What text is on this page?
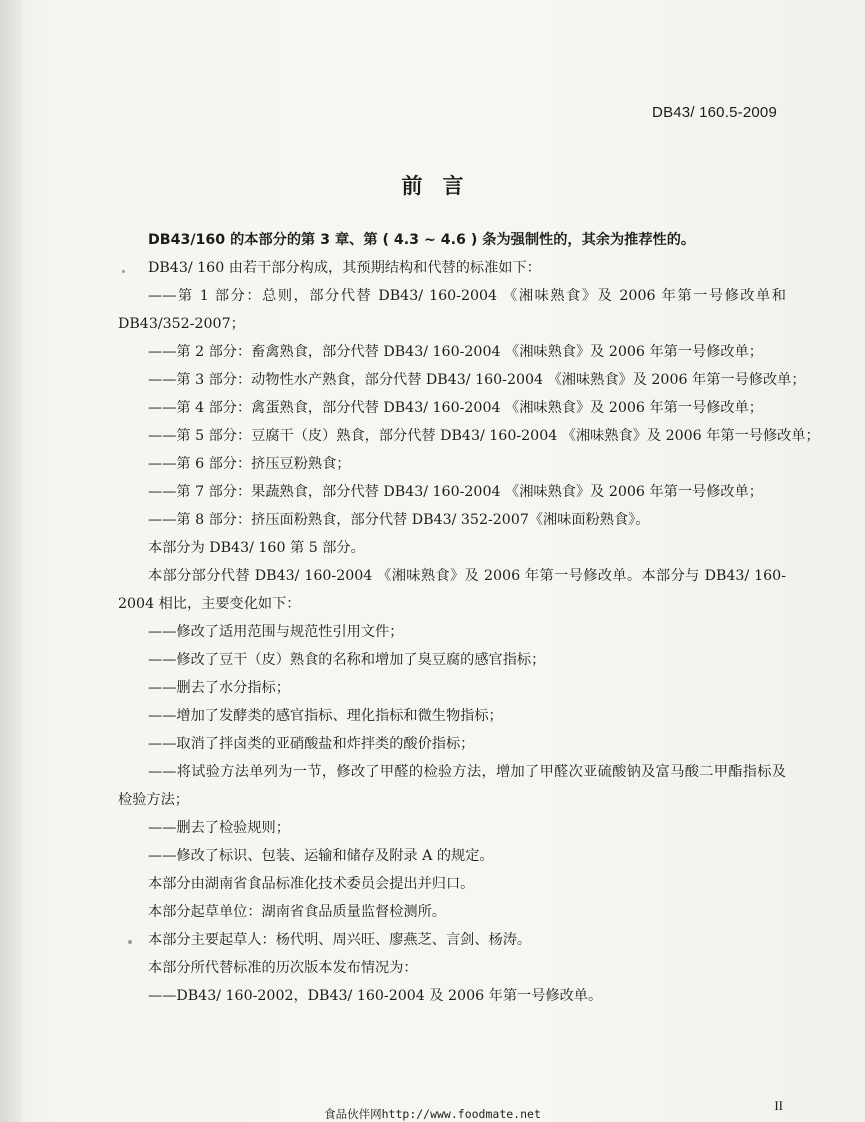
DB43/ 160.5-2009
前言
DB43/160 的本部分的第 3 章、第 ( 4.3 ~ 4.6 ) 条为强制性的，其余为推荐性的。
DB43/ 160 由若干部分构成，其预期结构和代替的标准如下：
——第 1 部分：总则，部分代替 DB43/ 160-2004 《湘味熟食》及 2006 年第一号修改单和 DB43/352-2007；
——第 2 部分：畜禽熟食，部分代替 DB43/ 160-2004 《湘味熟食》及 2006 年第一号修改单；
——第 3 部分：动物性水产熟食，部分代替 DB43/ 160-2004 《湘味熟食》及 2006 年第一号修改单；
——第 4 部分：禽蛋熟食，部分代替 DB43/ 160-2004 《湘味熟食》及 2006 年第一号修改单；
——第 5 部分：豆腐干（皮）熟食，部分代替 DB43/ 160-2004 《湘味熟食》及 2006 年第一号修改单；
——第 6 部分：挤压豆粉熟食；
——第 7 部分：果蔬熟食，部分代替 DB43/ 160-2004 《湘味熟食》及 2006 年第一号修改单；
——第 8 部分：挤压面粉熟食，部分代替 DB43/ 352-2007《湘味面粉熟食》。
本部分为 DB43/ 160 第 5 部分。
本部分部分代替 DB43/ 160-2004 《湘味熟食》及 2006 年第一号修改单。本部分与 DB43/ 160-2004 相比，主要变化如下：
——修改了适用范围与规范性引用文件；
——修改了豆干（皮）熟食的名称和增加了臭豆腐的感官指标；
——删去了水分指标；
——增加了发酵类的感官指标、理化指标和微生物指标；
——取消了拌卤类的亚硝酸盐和炸拌类的酸价指标；
——将试验方法单列为一节，修改了甲醛的检验方法，增加了甲醛次亚硫酸钠及富马酸二甲酯指标及检验方法；
——删去了检验规则；
——修改了标识、包装、运输和储存及附录 A 的规定。
本部分由湖南省食品标准化技术委员会提出并归口。
本部分起草单位：湖南省食品质量监督检测所。
本部分主要起草人：杨代明、周兴旺、廖燕芝、言剑、杨涛。
本部分所代替标准的历次版本发布情况为：
——DB43/ 160-2002，DB43/ 160-2004 及 2006 年第一号修改单。
II
食品伙伴网http://www.foodmate.net
